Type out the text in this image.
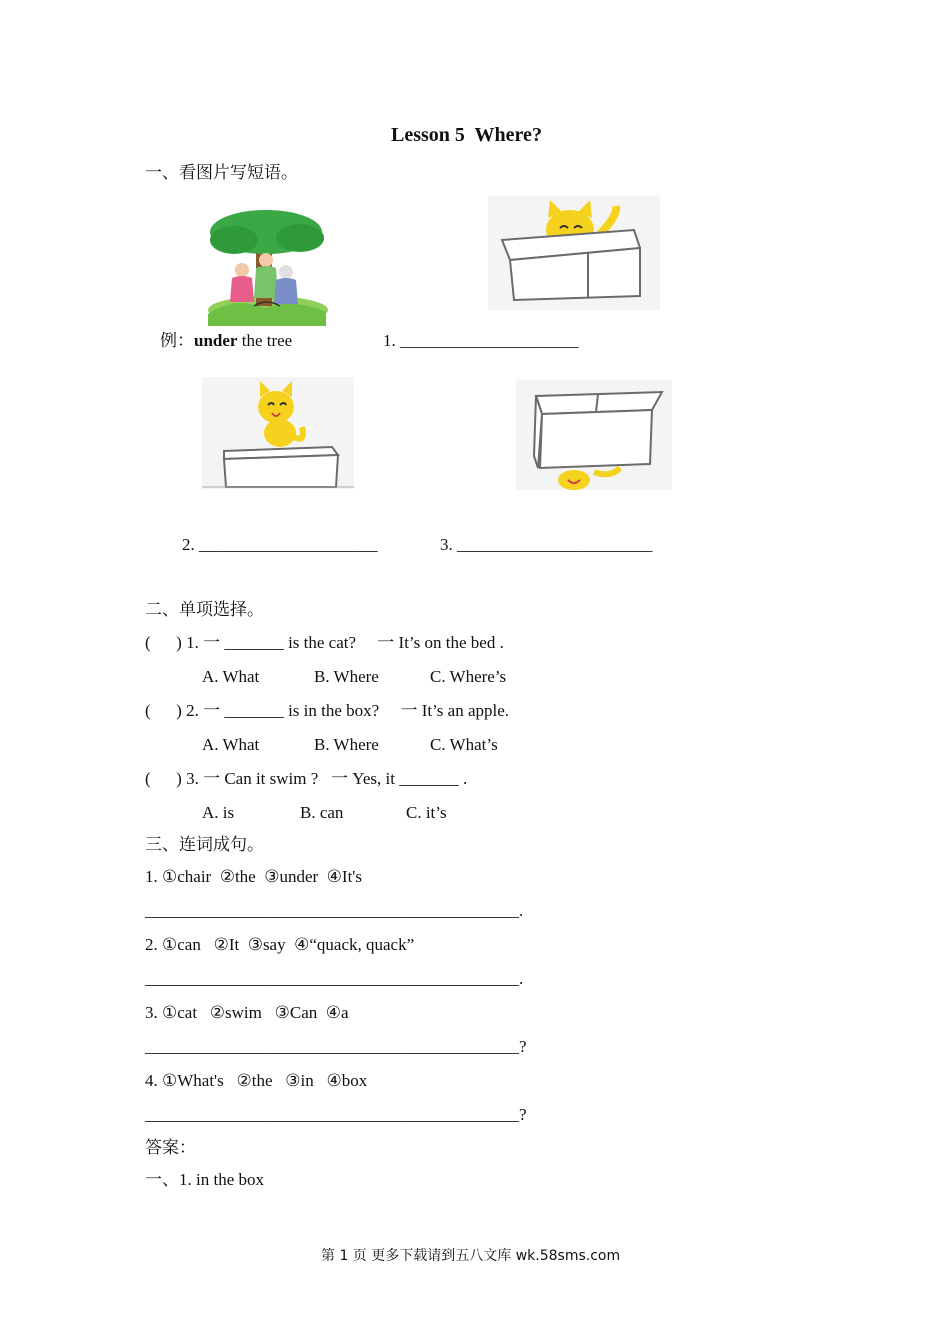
Lesson 5  Where?
一、看图片写短语。
例：under the tree	1. _____________________
2. _____________________	3. _______________________
二、单项选择。
(      ) 1. 一 _______ is the cat?     一 It’s on the bed .
A. What	B. Where	C. Where’s
(      ) 2. 一 _______ is in the box?     一 It’s an apple.
A. What	B. Where	C. What’s
(      ) 3. 一 Can it swim ?   一 Yes, it _______ .
A. is	B. can	C. it’s
三、连词成句。
1. ①chair  ②the  ③under  ④It's
____________________________________________.
2. ①can   ②It  ③say  ④“quack, quack”
____________________________________________.
3. ①cat   ②swim   ③Can  ④a
____________________________________________?
4. ①What's   ②the   ③in   ④box
____________________________________________?
答案：
一、1. in the box
第 1 页 更多下载请到五八文库 wk.58sms.com
